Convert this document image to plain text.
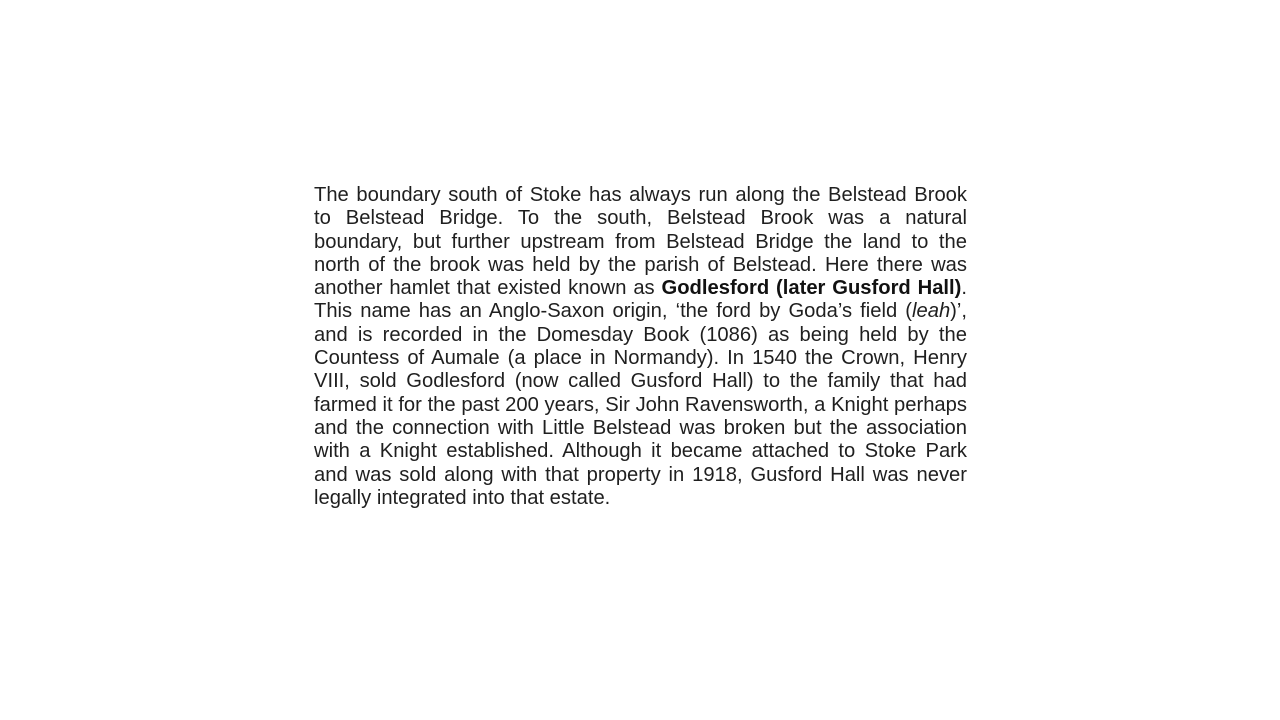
The boundary south of Stoke has always run along the Belstead Brook to Belstead Bridge. To the south, Belstead Brook was a natural boundary, but further upstream from Belstead Bridge the land to the north of the brook was held by the parish of Belstead. Here there was another hamlet that existed known as Godlesford (later Gusford Hall). This name has an Anglo-Saxon origin, ‘the ford by Goda’s field (leah)’, and is recorded in the Domesday Book (1086) as being held by the Countess of Aumale (a place in Normandy). In 1540 the Crown, Henry VIII, sold Godlesford (now called Gusford Hall) to the family that had farmed it for the past 200 years, Sir John Ravensworth, a Knight perhaps and the connection with Little Belstead was broken but the association with a Knight established. Although it became attached to Stoke Park and was sold along with that property in 1918, Gusford Hall was never legally integrated into that estate.
